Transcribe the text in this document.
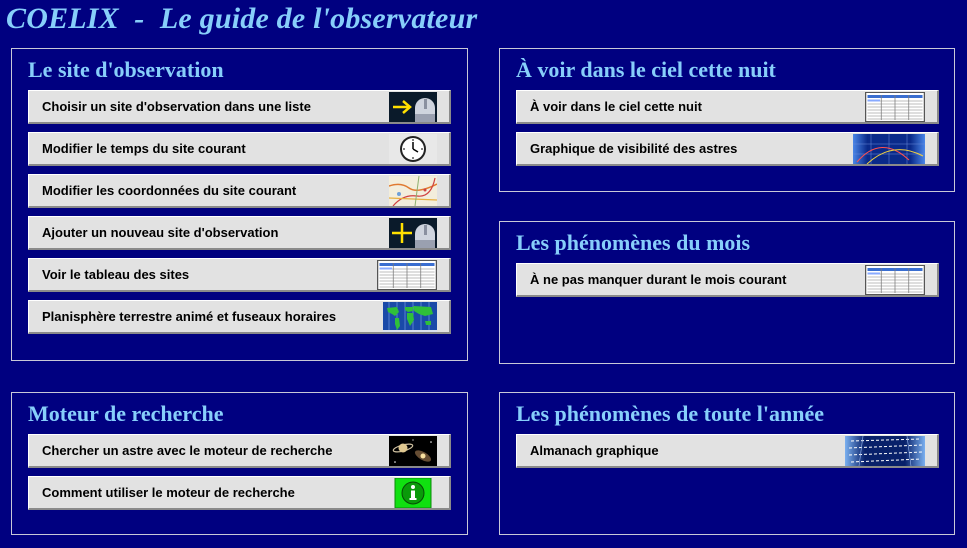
COELIX  -  Le guide de l'observateur
Le site d'observation
Choisir un site d'observation dans une liste
Modifier le temps du site courant
Modifier les coordonnées du site courant
Ajouter un nouveau site d'observation
Voir le tableau des sites
Planisphère terrestre animé et fuseaux horaires
À voir dans le ciel cette nuit
À voir dans le ciel cette nuit
Graphique de visibilité des astres
Les phénomènes du mois
À ne pas manquer durant le mois courant
Moteur de recherche
Chercher un astre avec le moteur de recherche
Comment utiliser le moteur de recherche
Les phénomènes de toute l'année
Almanach graphique
